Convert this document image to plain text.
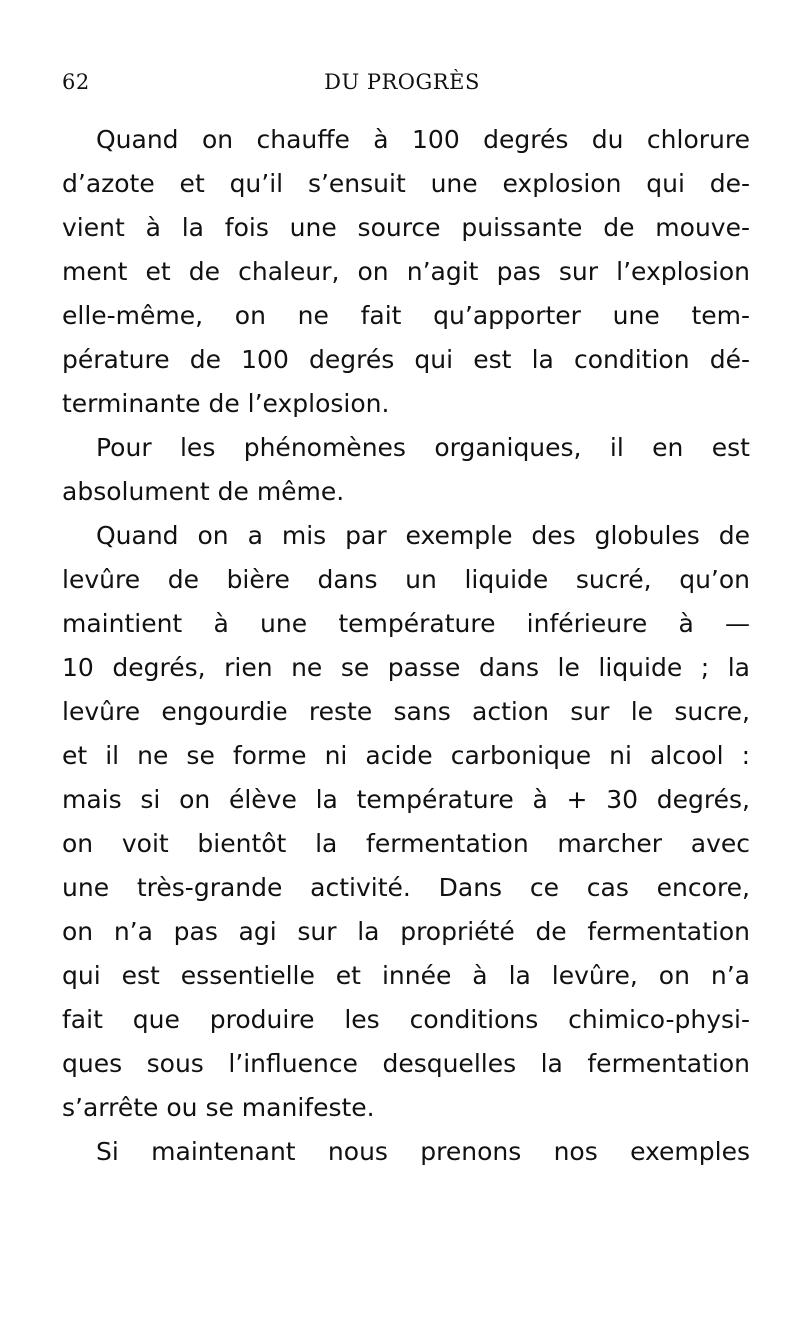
62	DU PROGRÈS
Quand on chauffe à 100 degrés du chlorure
d’azote et qu’il s’ensuit une explosion qui de-
vient à la fois une source puissante de mouve-
ment et de chaleur, on n’agit pas sur l’explosion
elle-même, on ne fait qu’apporter une tem-
pérature de 100 degrés qui est la condition dé-
terminante de l’explosion.
Pour les phénomènes organiques, il en est
absolument de même.
Quand on a mis par exemple des globules de
levûre de bière dans un liquide sucré, qu’on
maintient à une température inférieure à —
10 degrés, rien ne se passe dans le liquide ; la
levûre engourdie reste sans action sur le sucre,
et il ne se forme ni acide carbonique ni alcool :
mais si on élève la température à + 30 degrés,
on voit bientôt la fermentation marcher avec
une très-grande activité. Dans ce cas encore,
on n’a pas agi sur la propriété de fermentation
qui est essentielle et innée à la levûre, on n’a
fait que produire les conditions chimico-physi-
ques sous l’influence desquelles la fermentation
s’arrête ou se manifeste.
Si maintenant nous prenons nos exemples
